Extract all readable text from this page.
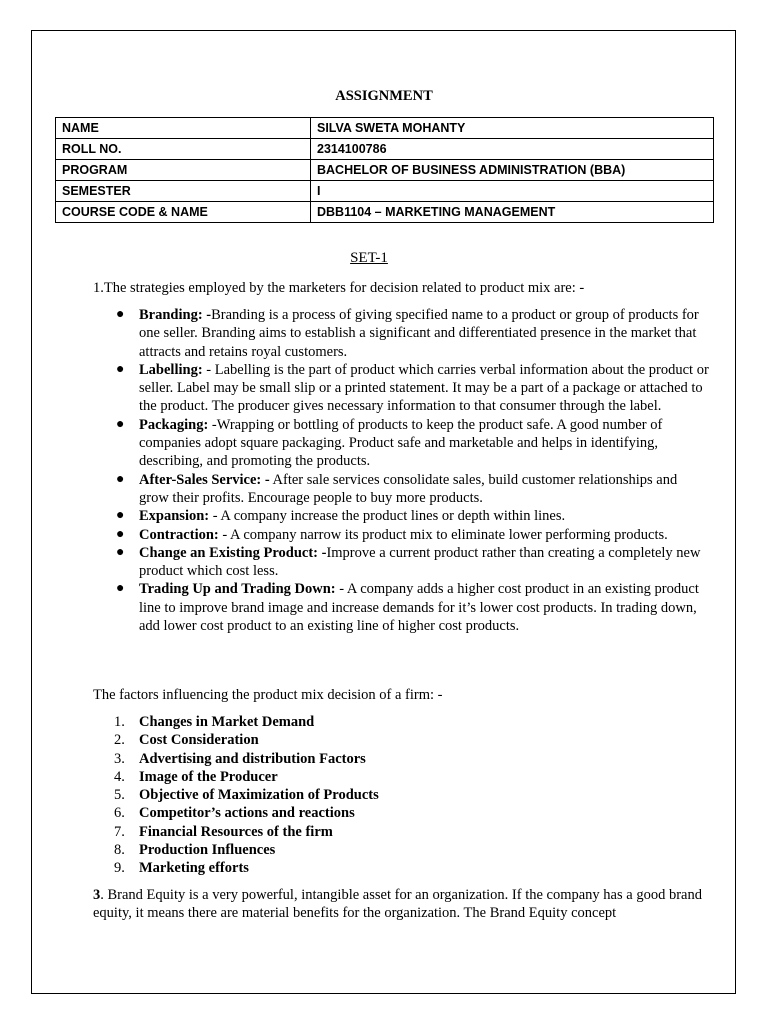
ASSIGNMENT
NAME	SILVA SWETA MOHANTY
ROLL NO.	2314100786
PROGRAM	BACHELOR OF BUSINESS ADMINISTRATION (BBA)
SEMESTER	I
COURSE CODE & NAME	DBB1104 – MARKETING MANAGEMENT
SET-1
1.The strategies employed by the marketers for decision related to product mix are: -
● Branding: -Branding is a process of giving specified name to a product or group of products for one seller. Branding aims to establish a significant and differentiated presence in the market that attracts and retains royal customers.
● Labelling: - Labelling is the part of product which carries verbal information about the product or seller. Label may be small slip or a printed statement. It may be a part of a package or attached to the product. The producer gives necessary information to that consumer through the label.
● Packaging: -Wrapping or bottling of products to keep the product safe. A good number of companies adopt square packaging. Product safe and marketable and helps in identifying, describing, and promoting the products.
● After-Sales Service: - After sale services consolidate sales, build customer relationships and grow their profits. Encourage people to buy more products.
● Expansion: - A company increase the product lines or depth within lines.
● Contraction: - A company narrow its product mix to eliminate lower performing products.
● Change an Existing Product: -Improve a current product rather than creating a completely new product which cost less.
● Trading Up and Trading Down: - A company adds a higher cost product in an existing product line to improve brand image and increase demands for it’s lower cost products. In trading down, add lower cost product to an existing line of higher cost products.
The factors influencing the product mix decision of a firm: -
1. Changes in Market Demand
2. Cost Consideration
3. Advertising and distribution Factors
4. Image of the Producer
5. Objective of Maximization of Products
6. Competitor’s actions and reactions
7. Financial Resources of the firm
8. Production Influences
9. Marketing efforts
3. Brand Equity is a very powerful, intangible asset for an organization. If the company has a good brand equity, it means there are material benefits for the organization. The Brand Equity concept
